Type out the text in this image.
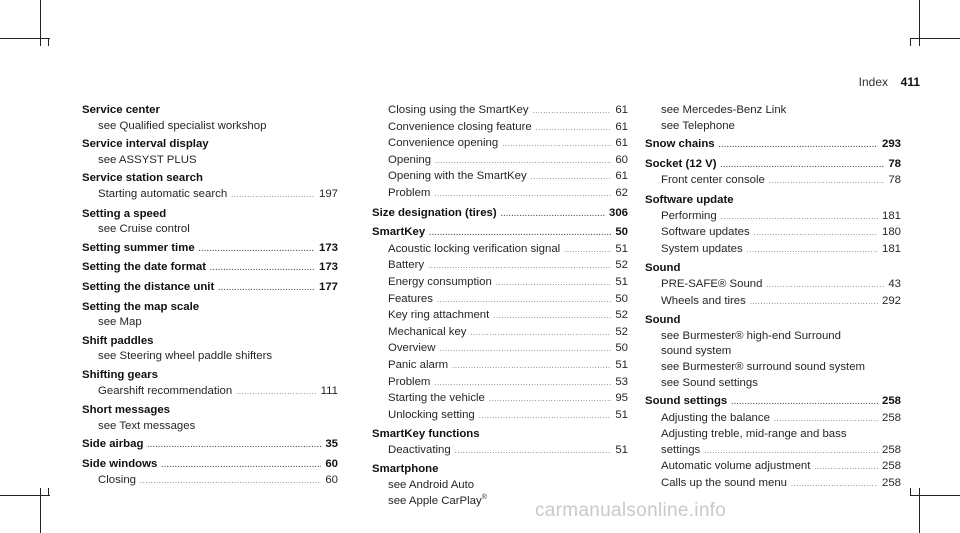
Index 411
Service center
see Qualified specialist workshop
Service interval display
see ASSYST PLUS
Service station search
Starting automatic search . . .	197
Setting a speed
see Cruise control
Setting summer time . . .	173
Setting the date format . . .	173
Setting the distance unit . . .	177
Setting the map scale
see Map
Shift paddles
see Steering wheel paddle shifters
Shifting gears
Gearshift recommendation . . .	111
Short messages
see Text messages
Side airbag . . .	35
Side windows . . .	60
Closing . . .	60
Closing using the SmartKey . . .	61
Convenience closing feature . . .	61
Convenience opening . . .	61
Opening . . .	60
Opening with the SmartKey . . .	61
Problem . . .	62
Size designation (tires) . . .	306
SmartKey . . .	50
Acoustic locking verification signal . . .	51
Battery . . .	52
Energy consumption . . .	51
Features . . .	50
Key ring attachment . . .	52
Mechanical key . . .	52
Overview . . .	50
Panic alarm . . .	51
Problem . . .	53
Starting the vehicle . . .	95
Unlocking setting . . .	51
SmartKey functions
Deactivating . . .	51
Smartphone
see Android Auto
see Apple CarPlay ®
see Mercedes-Benz Link
see Telephone
Snow chains . . .	293
Socket (12 V) . . .	78
Front center console . . .	78
Software update
Performing . . .	181
Software updates . . .	180
System updates . . .	181
Sound
PRE-SAFE® Sound . . .	43
Wheels and tires . . .	292
Sound
see Burmester® high-end Surround
sound system
see Burmester® surround sound system
see Sound settings
Sound settings . . .	258
Adjusting the balance . . .	258
Adjusting treble, mid-range and bass
settings . . .	258
Automatic volume adjustment . . .	258
Calls up the sound menu . . .	258
carmanualsonline.info
